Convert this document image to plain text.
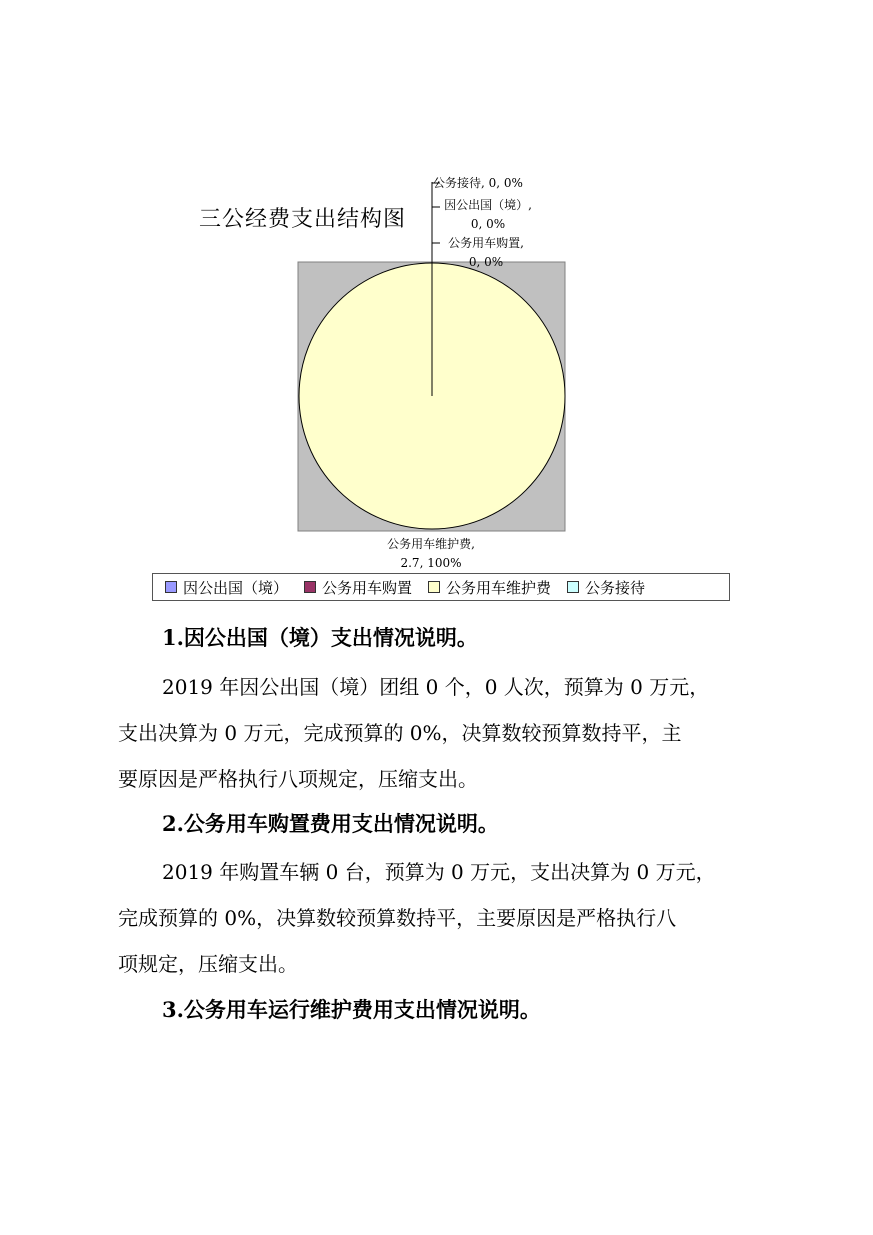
三公经费支出结构图
公务接待, 0, 0%
因公出国（境）,
0, 0%
公务用车购置,
0, 0%
公务用车维护费,
2.7, 100%
因公出国（境） 公务用车购置 公务用车维护费 公务接待
1.因公出国（境）支出情况说明。
2019 年因公出国（境）团组 0 个，0 人次，预算为 0 万元，
支出决算为 0 万元，完成预算的 0%，决算数较预算数持平，主
要原因是严格执行八项规定，压缩支出。
2.公务用车购置费用支出情况说明。
2019 年购置车辆 0 台，预算为 0 万元，支出决算为 0 万元，
完成预算的 0%，决算数较预算数持平，主要原因是严格执行八
项规定，压缩支出。
3.公务用车运行维护费用支出情况说明。
